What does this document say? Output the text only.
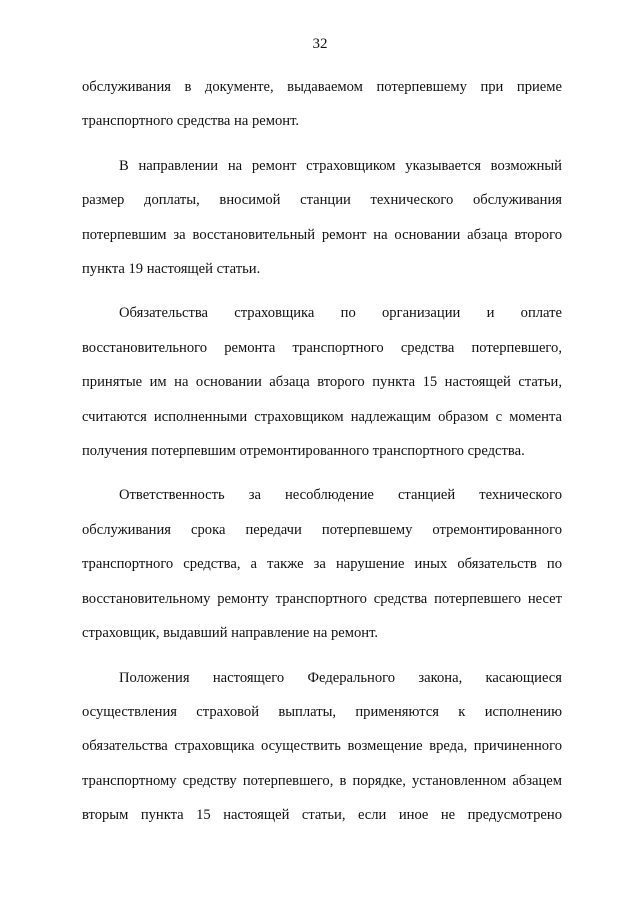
32
обслуживания в документе, выдаваемом потерпевшему при приеме
транспортного средства на ремонт.
В направлении на ремонт страховщиком указывается возможный
размер доплаты, вносимой станции технического обслуживания
потерпевшим за восстановительный ремонт на основании абзаца второго
пункта 19 настоящей статьи.
Обязательства страховщика по организации и оплате
восстановительного ремонта транспортного средства потерпевшего,
принятые им на основании абзаца второго пункта 15 настоящей статьи,
считаются исполненными страховщиком надлежащим образом с момента
получения потерпевшим отремонтированного транспортного средства.
Ответственность за несоблюдение станцией технического
обслуживания срока передачи потерпевшему отремонтированного
транспортного средства, а также за нарушение иных обязательств по
восстановительному ремонту транспортного средства потерпевшего несет
страховщик, выдавший направление на ремонт.
Положения настоящего Федерального закона, касающиеся
осуществления страховой выплаты, применяются к исполнению
обязательства страховщика осуществить возмещение вреда, причиненного
транспортному средству потерпевшего, в порядке, установленном абзацем
вторым пункта 15 настоящей статьи, если иное не предусмотрено
